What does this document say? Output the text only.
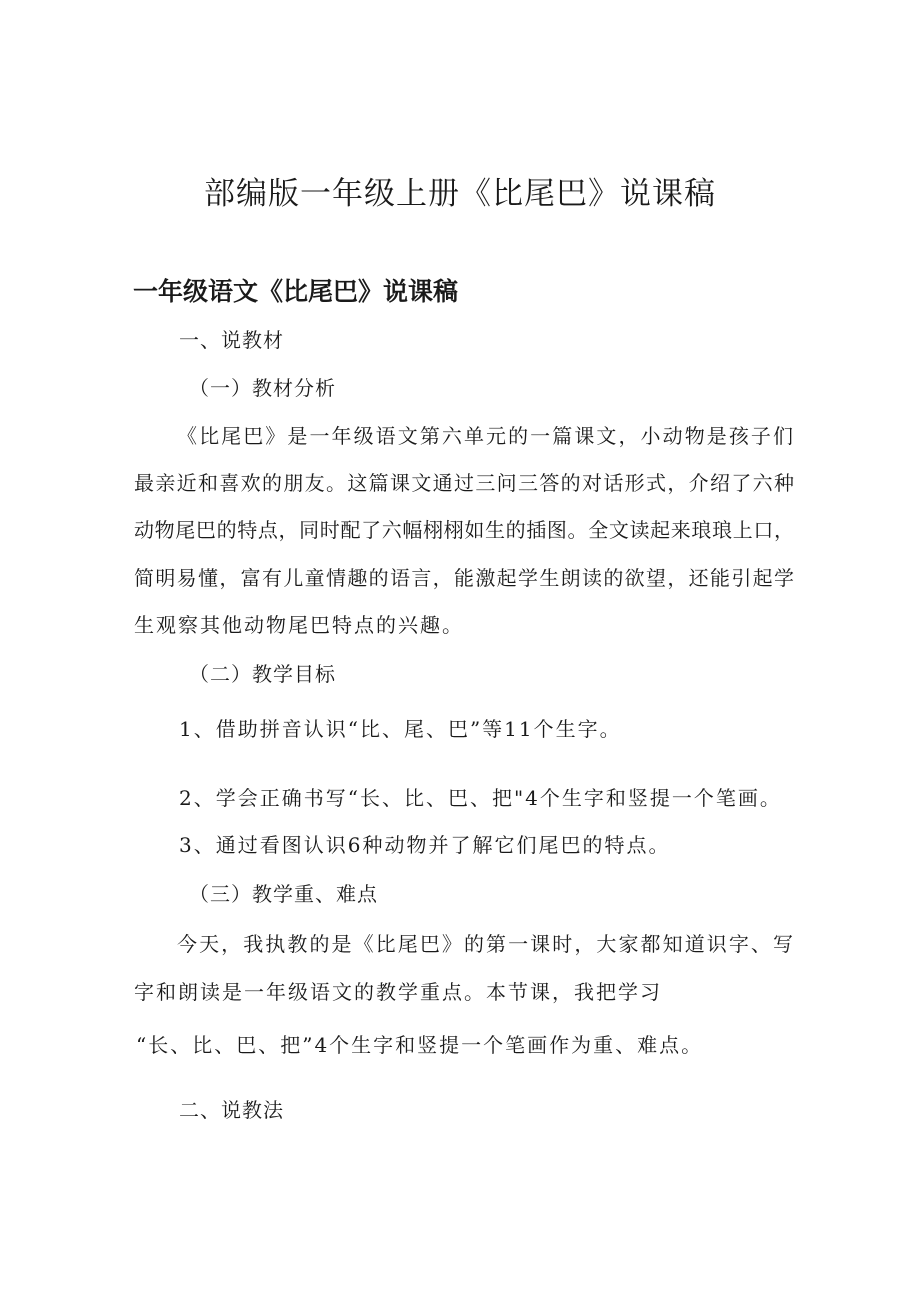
部编版一年级上册《比尾巴》说课稿
一年级语文《比尾巴》说课稿
一、说教材
（一）教材分析
《比尾巴》是一年级语文第六单元的一篇课文，小动物是孩子们
最亲近和喜欢的朋友。这篇课文通过三问三答的对话形式，介绍了六种
动物尾巴的特点，同时配了六幅栩栩如生的插图。全文读起来琅琅上口，
简明易懂，富有儿童情趣的语言，能激起学生朗读的欲望，还能引起学
生观察其他动物尾巴特点的兴趣。
（二）教学目标
1、借助拼音认识“比、尾、巴”等11个生字。
2、学会正确书写“长、比、巴、把"4个生字和竖提一个笔画。
3、通过看图认识6种动物并了解它们尾巴的特点。
（三）教学重、难点
今天，我执教的是《比尾巴》的第一课时，大家都知道识字、写
字和朗读是一年级语文的教学重点。本节课，我把学习
“长、比、巴、把”4个生字和竖提一个笔画作为重、难点。
二、说教法
